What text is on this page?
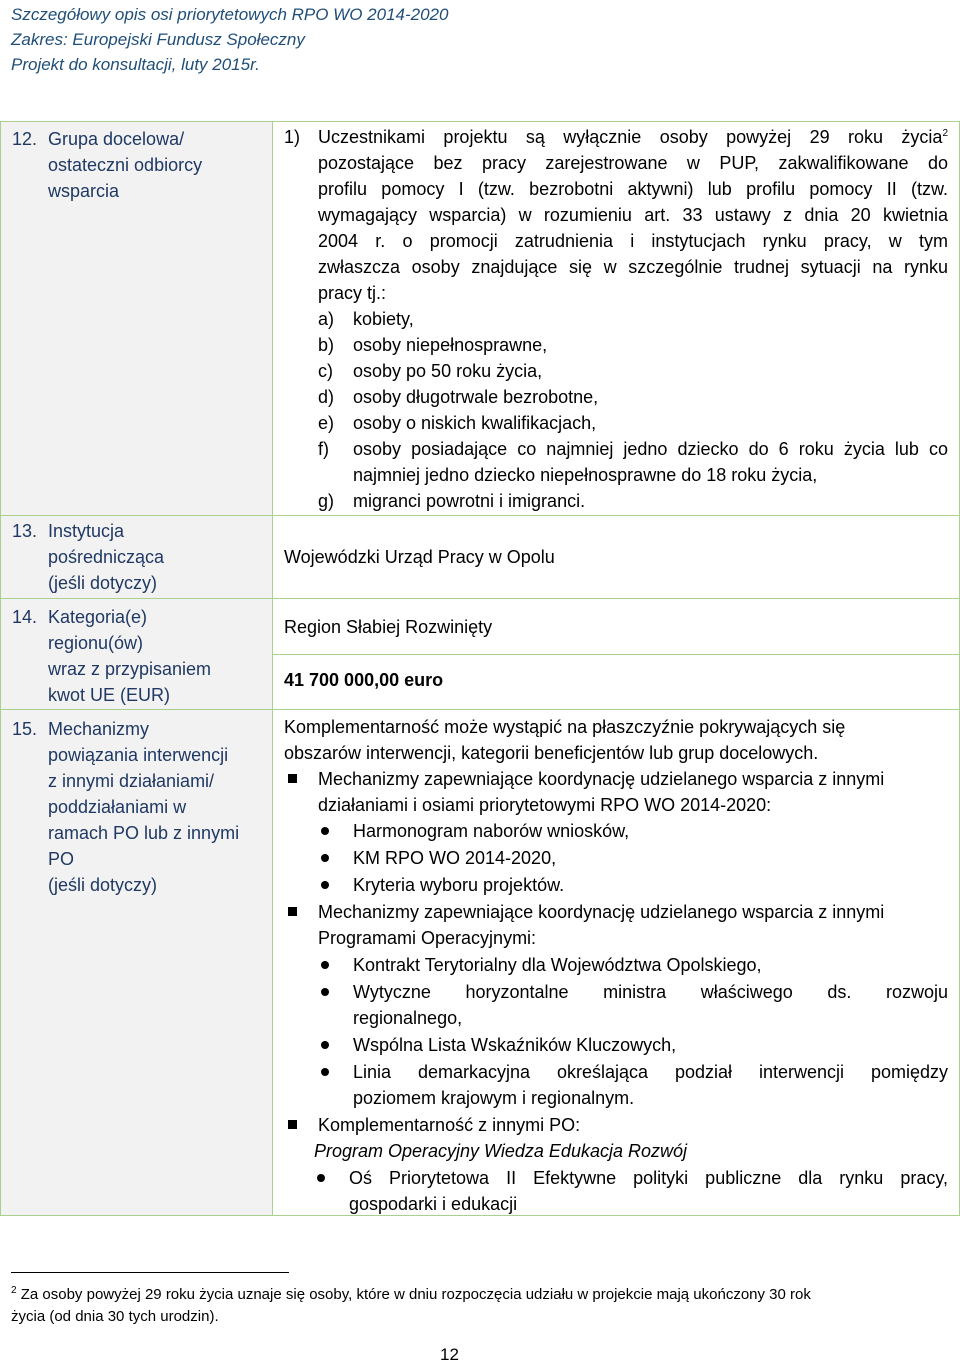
Szczegółowy opis osi priorytetowych RPO WO 2014-2020
Zakres: Europejski Fundusz Społeczny
Projekt do konsultacji, luty 2015r.
12. Grupa docelowa/
ostateczni odbiorcy
wsparcia
1) Uczestnikami projektu są wyłącznie osoby powyżej 29 roku życia$^2$
pozostające bez pracy zarejestrowane w PUP, zakwalifikowane do
profilu pomocy I (tzw. bezrobotni aktywni) lub profilu pomocy II (tzw.
wymagający wsparcia) w rozumieniu art. 33 ustawy z dnia 20 kwietnia
2004 r. o promocji zatrudnienia i instytucjach rynku pracy, w tym
zwłaszcza osoby znajdujące się w szczególnie trudnej sytuacji na rynku
pracy tj.:
a) kobiety,
b) osoby niepełnosprawne,
c) osoby po 50 roku życia,
d) osoby długotrwale bezrobotne,
e) osoby o niskich kwalifikacjach,
f) osoby posiadające co najmniej jedno dziecko do 6 roku życia lub co
najmniej jedno dziecko niepełnosprawne do 18 roku życia,
g) migranci powrotni i imigranci.
13. Instytucja
pośrednicząca
(jeśli dotyczy)
Wojewódzki Urząd Pracy w Opolu
14. Kategoria(e)
regionu(ów)
wraz z przypisaniem
kwot UE (EUR)
Region Słabiej Rozwinięty
41 700 000,00 euro
15. Mechanizmy
powiązania interwencji
z innymi działaniami/
poddziałaniami w
ramach PO lub z innymi
PO
(jeśli dotyczy)
Komplementarność może wystąpić na płaszczyźnie pokrywających się
obszarów interwencji, kategorii beneficjentów lub grup docelowych.
Mechanizmy zapewniające koordynację udzielanego wsparcia z innymi
działaniami i osiami priorytetowymi RPO WO 2014-2020:
Harmonogram naborów wniosków,
KM RPO WO 2014-2020,
Kryteria wyboru projektów.
Mechanizmy zapewniające koordynację udzielanego wsparcia z innymi
Programami Operacyjnymi:
Kontrakt Terytorialny dla Województwa Opolskiego,
Wytyczne horyzontalne ministra właściwego ds. rozwoju
regionalnego,
Wspólna Lista Wskaźników Kluczowych,
Linia demarkacyjna określająca podział interwencji pomiędzy
poziomem krajowym i regionalnym.
Komplementarność z innymi PO:
Program Operacyjny Wiedza Edukacja Rozwój
Oś Priorytetowa II Efektywne polityki publiczne dla rynku pracy,
gospodarki i edukacji
$^2$ Za osoby powyżej 29 roku życia uznaje się osoby, które w dniu rozpoczęcia udziału w projekcie mają ukończony 30 rok
życia (od dnia 30 tych urodzin).
12
